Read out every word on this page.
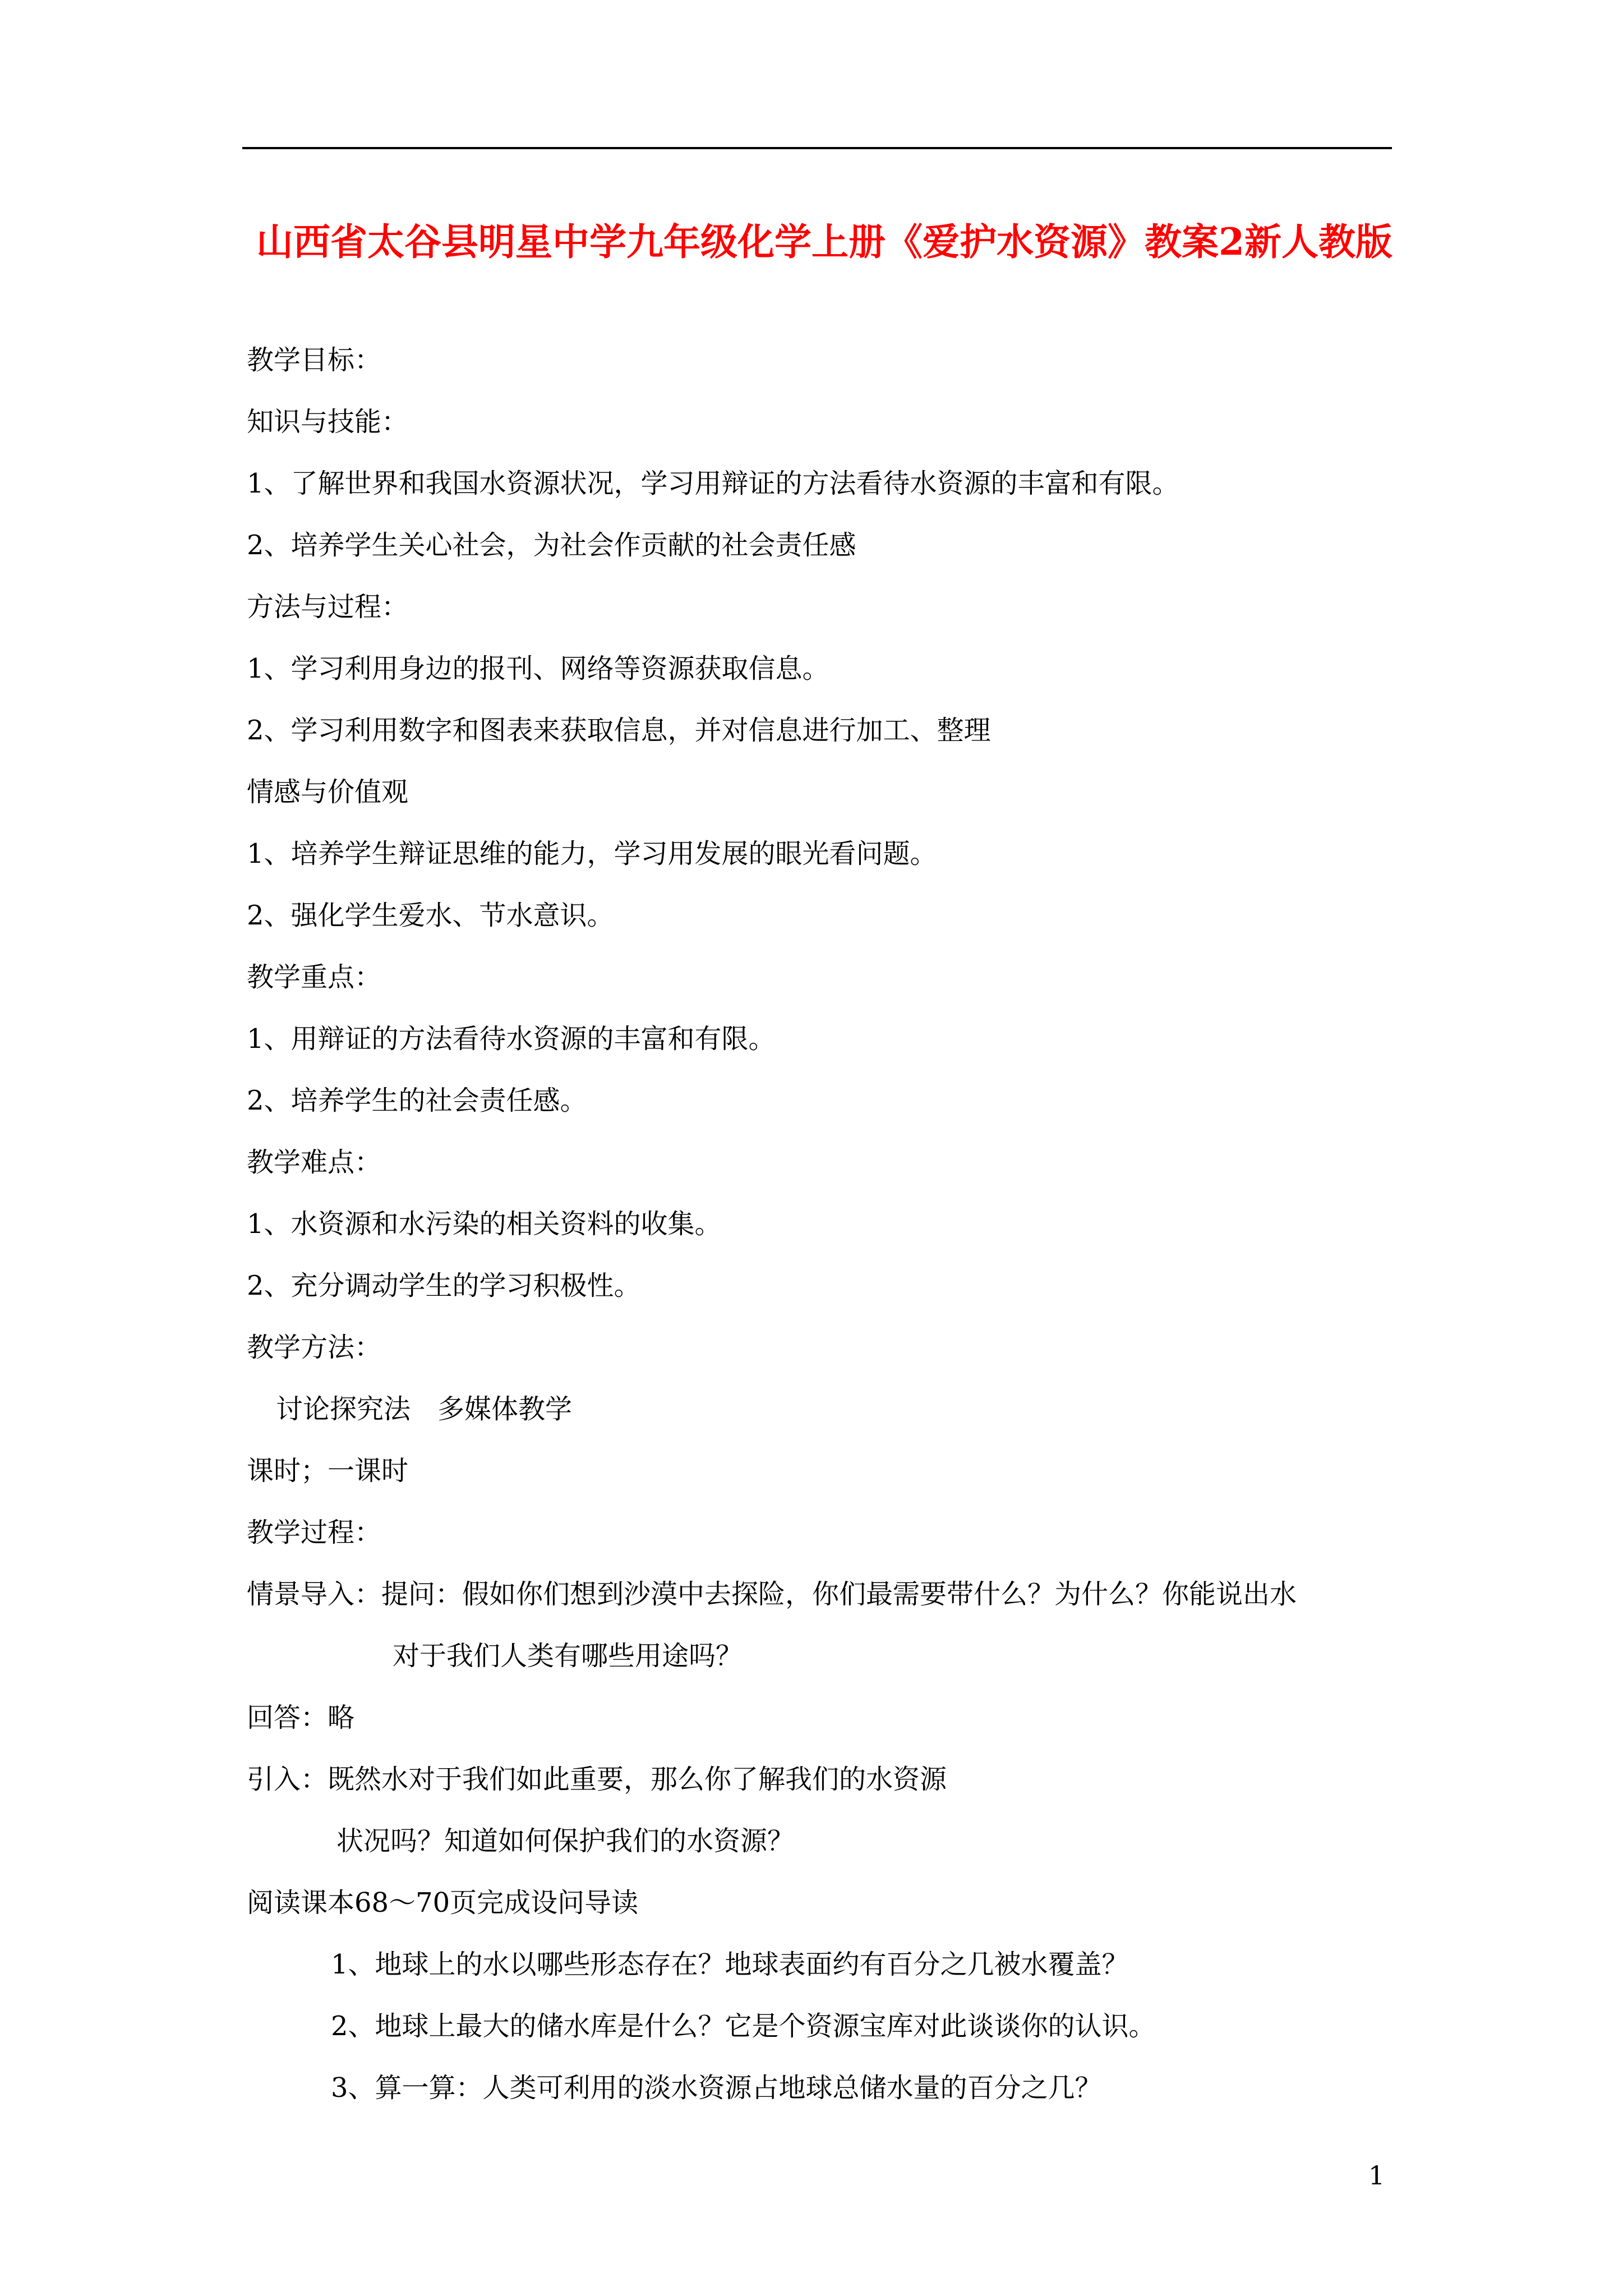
山西省太谷县明星中学九年级化学上册《爱护水资源》教案2新人教版

教学目标：

知识与技能：

1、了解世界和我国水资源状况，学习用辩证的方法看待水资源的丰富和有限。

2、培养学生关心社会，为社会作贡献的社会责任感

方法与过程：

1、学习利用身边的报刊、网络等资源获取信息。

2、学习利用数字和图表来获取信息，并对信息进行加工、整理

情感与价值观

1、培养学生辩证思维的能力，学习用发展的眼光看问题。

2、强化学生爱水、节水意识。

教学重点：

1、用辩证的方法看待水资源的丰富和有限。

2、培养学生的社会责任感。

教学难点：

1、水资源和水污染的相关资料的收集。

2、充分调动学生的学习积极性。

教学方法：

讨论探究法　多媒体教学

课时；一课时

教学过程：

情景导入：提问：假如你们想到沙漠中去探险，你们最需要带什么？为什么？你能说出水

对于我们人类有哪些用途吗？

回答：略

引入：既然水对于我们如此重要，那么你了解我们的水资源

状况吗？知道如何保护我们的水资源？

阅读课本68～70页完成设问导读

1、地球上的水以哪些形态存在？地球表面约有百分之几被水覆盖？

2、地球上最大的储水库是什么？它是个资源宝库对此谈谈你的认识。

3、算一算：人类可利用的淡水资源占地球总储水量的百分之几？

1
